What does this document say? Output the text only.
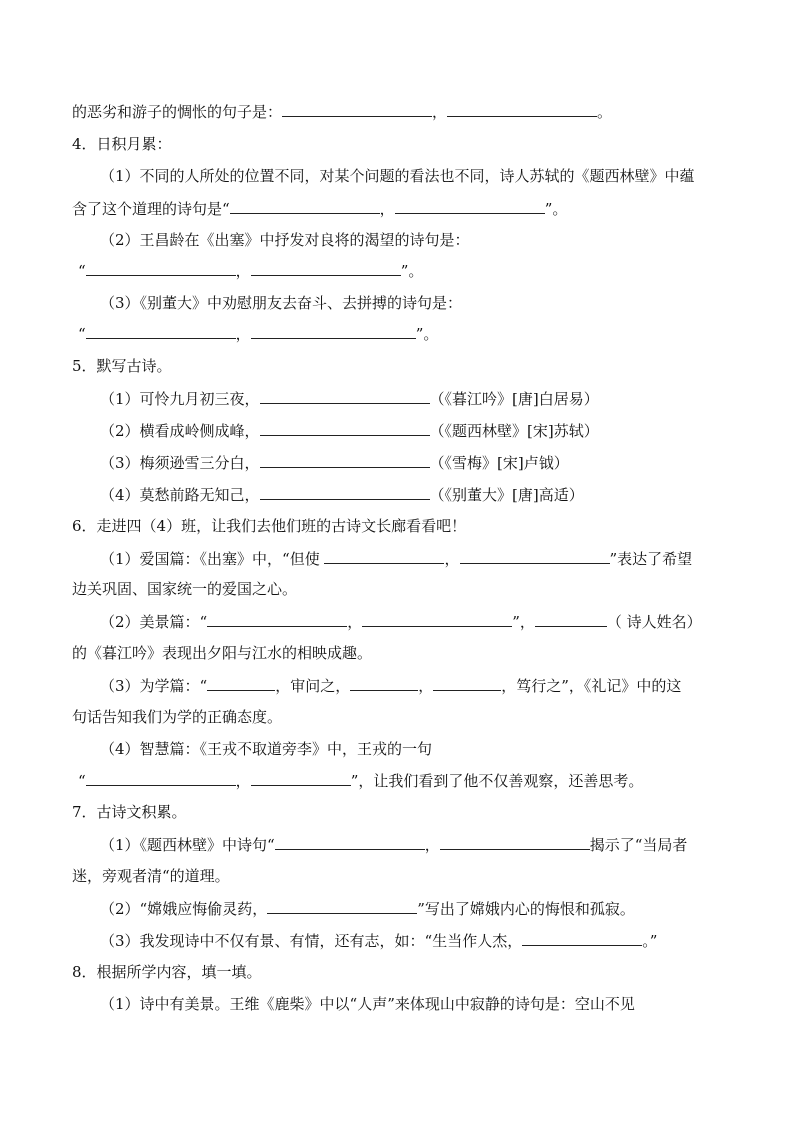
的恶劣和游子的惆怅的句子是：	，	。
4．日积月累：
（1）不同的人所处的位置不同，对某个问题的看法也不同，诗人苏轼的《题西林壁》中蕴
含了这个道理的诗句是“	，	”。
（2）王昌龄在《出塞》中抒发对良将的渴望的诗句是：
“	，	”。
（3）《别董大》中劝慰朋友去奋斗、去拼搏的诗句是：
“	，	”。
5．默写古诗。
（1）可怜九月初三夜，	（《暮江吟》[唐]白居易）
（2）横看成岭侧成峰，	（《题西林壁》[宋]苏轼）
（3）梅须逊雪三分白，	（《雪梅》[宋]卢钺）
（4）莫愁前路无知己，	（《别董大》[唐]高适）
6．走进四（4）班，让我们去他们班的古诗文长廊看看吧！
（1）爱国篇：《出塞》中，“但使	，	”表达了希望
边关巩固、国家统一的爱国之心。
（2）美景篇：“	，	”，	（ 诗人姓名）
的《暮江吟》表现出夕阳与江水的相映成趣。
（3）为学篇：“	，审问之，	，	，笃行之”，《礼记》中的这
句话告知我们为学的正确态度。
（4）智慧篇：《王戎不取道旁李》中，王戎的一句
“	，	”，让我们看到了他不仅善观察，还善思考。
7．古诗文积累。
（1）《题西林壁》中诗句“	，	揭示了“当局者
迷，旁观者清“的道理。
（2）“嫦娥应悔偷灵药，	”写出了嫦娥内心的悔恨和孤寂。
（3）我发现诗中不仅有景、有情，还有志，如：“生当作人杰，	。”
8．根据所学内容，填一填。
（1）诗中有美景。王维《鹿柴》中以“人声”来体现山中寂静的诗句是：空山不见
